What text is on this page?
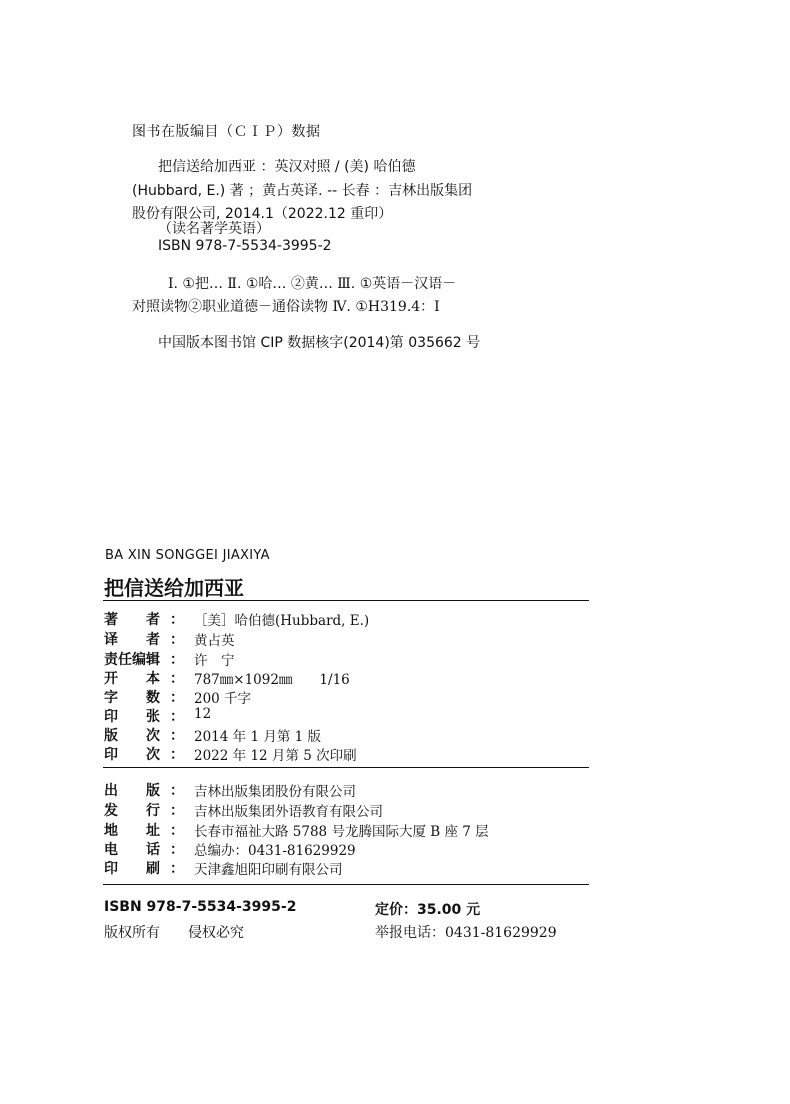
图书在版编目（ＣＩＰ）数据
把信送给加西亚 ：英汉对照 / (美) 哈伯德
(Hubbard, E.) 著 ；黄占英译. -- 长春 ：吉林出版集团
股份有限公司, 2014.1（2022.12 重印）
（读名著学英语）
ISBN 978-7-5534-3995-2
Ⅰ. ①把… Ⅱ. ①哈… ②黄… Ⅲ. ①英语－汉语－
对照读物②职业道德－通俗读物 Ⅳ. ①H319.4：Ⅰ
中国版本图书馆 CIP 数据核字(2014)第 035662 号
BA XIN SONGGEI JIAXIYA
把信送给加西亚
著　　者 ： ［美］哈伯德(Hubbard, E.)
译　　者 ： 黄占英
责任编辑 ： 许　宁
开　　本 ： 787㎜×1092㎜　　1/16
字　　数 ： 200 千字
印　　张 ： 12
版　　次 ： 2014 年 1 月第 1 版
印　　次 ： 2022 年 12 月第 5 次印刷
出　　版 ： 吉林出版集团股份有限公司
发　　行 ： 吉林出版集团外语教育有限公司
地　　址 ： 长春市福祉大路 5788 号龙腾国际大厦 B 座 7 层
电　　话 ： 总编办：0431-81629929
印　　刷 ： 天津鑫旭阳印刷有限公司
ISBN 978-7-5534-3995-2	定价：35.00 元
版权所有　　侵权必究	举报电话：0431-81629929
